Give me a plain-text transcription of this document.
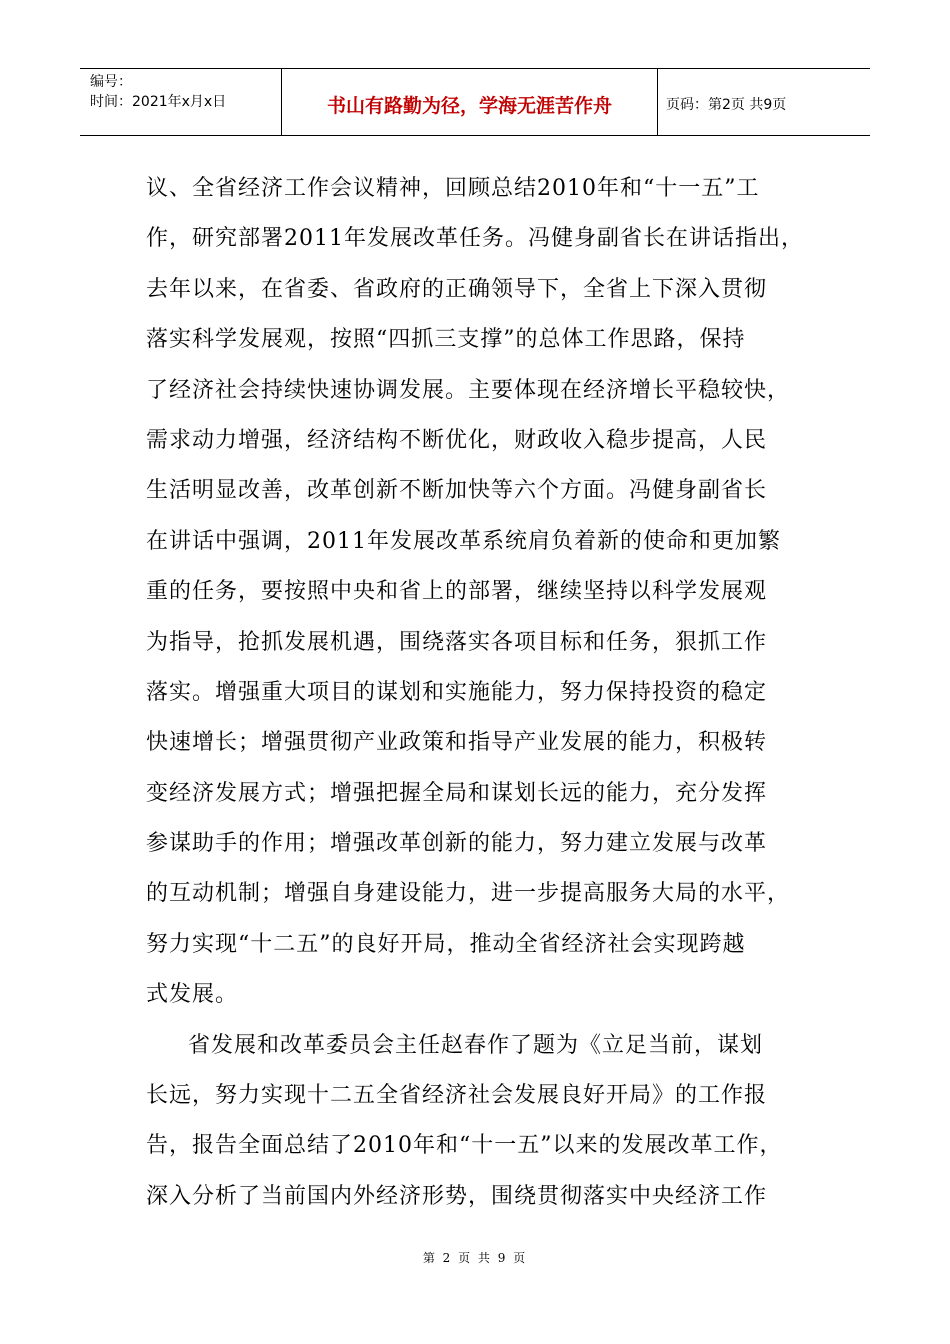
编号：
时间：2021年x月x日	书山有路勤为径，学海无涯苦作舟	页码：第2页 共9页
议、全省经济工作会议精神，回顾总结2010年和“十一五”工
作，研究部署2011年发展改革任务。冯健身副省长在讲话指出，
去年以来，在省委、省政府的正确领导下，全省上下深入贯彻
落实科学发展观，按照“四抓三支撑”的总体工作思路，保持
了经济社会持续快速协调发展。主要体现在经济增长平稳较快，
需求动力增强，经济结构不断优化，财政收入稳步提高，人民
生活明显改善，改革创新不断加快等六个方面。冯健身副省长
在讲话中强调，2011年发展改革系统肩负着新的使命和更加繁
重的任务，要按照中央和省上的部署，继续坚持以科学发展观
为指导，抢抓发展机遇，围绕落实各项目标和任务，狠抓工作
落实。增强重大项目的谋划和实施能力，努力保持投资的稳定
快速增长；增强贯彻产业政策和指导产业发展的能力，积极转
变经济发展方式；增强把握全局和谋划长远的能力，充分发挥
参谋助手的作用；增强改革创新的能力，努力建立发展与改革
的互动机制；增强自身建设能力，进一步提高服务大局的水平，
努力实现“十二五”的良好开局，推动全省经济社会实现跨越
式发展。
省发展和改革委员会主任赵春作了题为《立足当前，谋划
长远，努力实现十二五全省经济社会发展良好开局》的工作报
告，报告全面总结了2010年和“十一五”以来的发展改革工作，
深入分析了当前国内外经济形势，围绕贯彻落实中央经济工作
第 2 页 共 9 页
